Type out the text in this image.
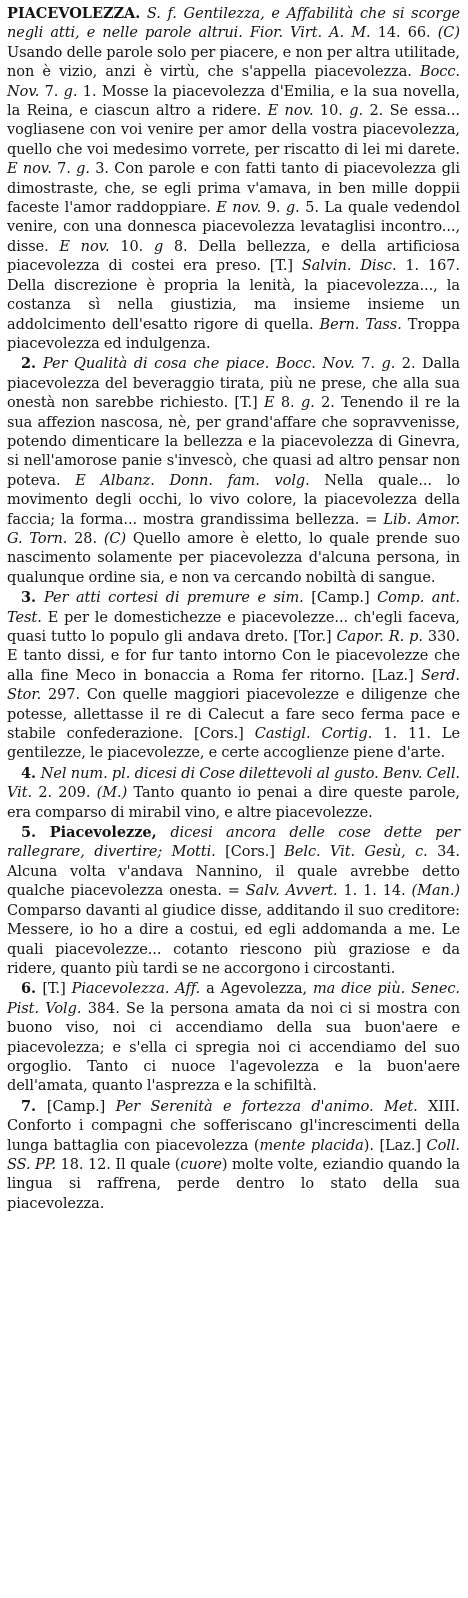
PIACEVOLEZZA. S. f. Gentilezza, e Affabilità che si scorge negli atti, e nelle parole altrui. Fior. Virt. A. M. 14. 66. (C) Usando delle parole solo per piacere, e non per altra utilitade, non è vizio, anzi è virtù, che s'appella piacevolezza. Bocc. Nov. 7. g. 1. Mosse la piacevolezza d'Emilia, e la sua novella, la Reina, e ciascun altro a ridere. E nov. 10. g. 2. Se essa... vogliasene con voi venire per amor della vostra piacevolezza, quello che voi medesimo vorrete, per riscatto di lei mi darete. E nov. 7. g. 3. Con parole e con fatti tanto di piacevolezza gli dimostraste, che, se egli prima v'amava, in ben mille doppii faceste l'amor raddoppiare. E nov. 9. g. 5. La quale vedendol venire, con una donnesca piacevolezza levataglisi incontro..., disse. E nov. 10. g 8. Della bellezza, e della artificiosa piacevolezza di costei era preso. [T.] Salvin. Disc. 1. 167. Della discrezione è propria la lenità, la piacevolezza..., la costanza sì nella giustizia, ma insieme insieme un addolcimento dell'esatto rigore di quella. Bern. Tass. Troppa piacevolezza ed indulgenza.

2. Per Qualità di cosa che piace. Bocc. Nov. 7. g. 2. Dalla piacevolezza del beveraggio tirata, più ne prese, che alla sua onestà non sarebbe richiesto. [T.] E 8. g. 2. Tenendo il re la sua affezion nascosa, nè, per grand'affare che sopravvenisse, potendo dimenticare la bellezza e la piacevolezza di Ginevra, si nell'amorose panie s'invescò, che quasi ad altro pensar non poteva. E Albanz. Donn. fam. volg. Nella quale... lo movimento degli occhi, lo vivo colore, la piacevolezza della faccia; la forma... mostra grandissima bellezza. = Lib. Amor. G. Torn. 28. (C) Quello amore è eletto, lo quale prende suo nascimento solamente per piacevolezza d'alcuna persona, in qualunque ordine sia, e non va cercando nobiltà di sangue.

3. Per atti cortesi di premure e sim. [Camp.] Comp. ant. Test. E per le domestichezze e piacevolezze... ch'egli faceva, quasi tutto lo populo gli andava dreto. [Tor.] Capor. R. p. 330. E tanto dissi, e for fur tanto intorno Con le piacevolezze che alla fine Meco in bonaccia a Roma fer ritorno. [Laz.] Serd. Stor. 297. Con quelle maggiori piacevolezze e diligenze che potesse, allettasse il re di Calecut a fare seco ferma pace e stabile confederazione. [Cors.] Castigl. Cortig. 1. 11. Le gentilezze, le piacevolezze, e certe accoglienze piene d'arte.

4. Nel num. pl. dicesi di Cose dilettevoli al gusto. Benv. Cell. Vit. 2. 209. (M.) Tanto quanto io penai a dire queste parole, era comparso di mirabil vino, e altre piacevolezze.

5. Piacevolezze, dicesi ancora delle cose dette per rallegrare, divertire; Motti. [Cors.] Belc. Vit. Gesù, c. 34. Alcuna volta v'andava Nannino, il quale avrebbe detto qualche piacevolezza onesta. = Salv. Avvert. 1. 1. 14. (Man.) Comparso davanti al giudice disse, additando il suo creditore: Messere, io ho a dire a costui, ed egli addomanda a me. Le quali piacevolezze... cotanto riescono più graziose e da ridere, quanto più tardi se ne accorgono i circostanti.

6. [T.] Piacevolezza. Aff. a Agevolezza, ma dice più. Senec. Pist. Volg. 384. Se la persona amata da noi ci si mostra con buono viso, noi ci accendiamo della sua buon'aere e piacevolezza; e s'ella ci spregia noi ci accendiamo del suo orgoglio. Tanto ci nuoce l'agevolezza e la buon'aere dell'amata, quanto l'asprezza e la schifiltà.

7. [Camp.] Per Serenità e fortezza d'animo. Met. XIII. Conforto i compagni che sofferiscano gl'increscimenti della lunga battaglia con piacevolezza (mente placida). [Laz.] Coll. SS. PP. 18. 12. Il quale (cuore) molte volte, eziandio quando la lingua si raffrena, perde dentro lo stato della sua piacevolezza.
